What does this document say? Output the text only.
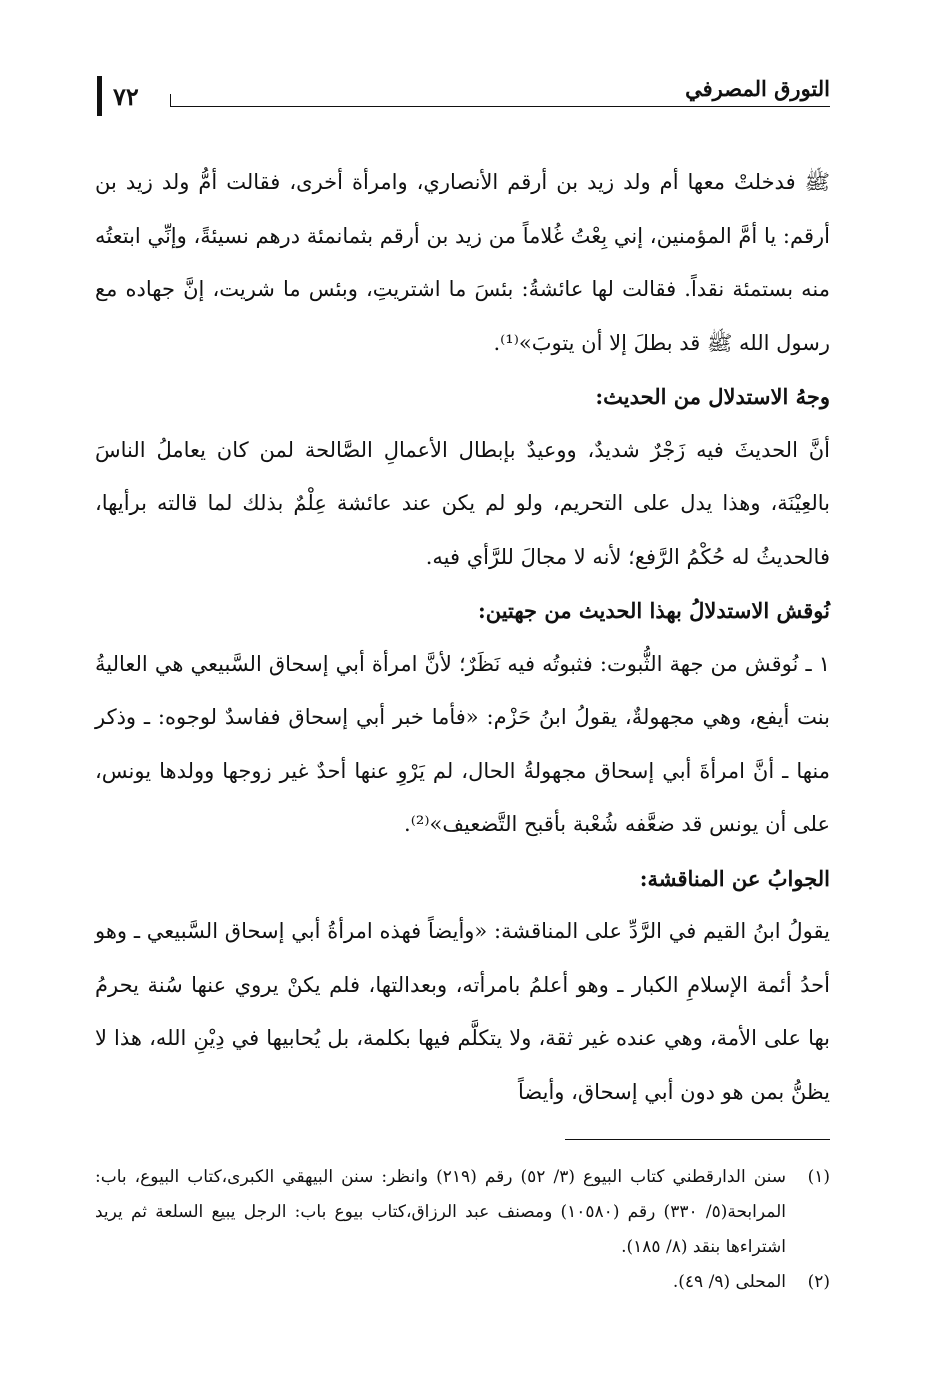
التورق المصرفي
٧٢

ﷺ فدخلتْ معها أم ولد زيد بن أرقم الأنصاري، وامرأة أخرى، فقالت أمُّ ولد زيد بن أرقم: يا أمَّ المؤمنين، إني بِعْتُ غُلاماً من زيد بن أرقم بثمانمئة درهم نسيئةً، وإنِّي ابتعتُه منه بستمئة نقداً. فقالت لها عائشةُ: بئسَ ما اشتريتِ، وبئس ما شريت، إنَّ جهاده مع رسول الله ﷺ قد بطلَ إلا أن يتوبَ»⁽¹⁾.

وجهُ الاستدلال من الحديث:

أنَّ الحديثَ فيه زَجْرٌ شديدٌ، ووعيدٌ بإبطال الأعمالِ الصَّالحة لمن كان يعاملُ الناسَ بالعِيْنَة، وهذا يدل على التحريم، ولو لم يكن عند عائشة عِلْمٌ بذلك لما قالته برأيها، فالحديثُ له حُكْمُ الرَّفع؛ لأنه لا مجالَ للرَّأي فيه.

نُوقش الاستدلالُ بهذا الحديث من جهتين:

١ ـ نُوقش من جهة الثُّبوت: فثبوتُه فيه نَظَرٌ؛ لأنَّ امرأة أبي إسحاق السَّبيعي هي العاليةُ بنت أيفع، وهي مجهولةٌ، يقولُ ابنُ حَزْم: «فأما خبر أبي إسحاق ففاسدٌ لوجوه: ـ وذكر منها ـ أنَّ امرأةَ أبي إسحاق مجهولةُ الحال، لم يَرْوِ عنها أحدٌ غير زوجها وولدها يونس، على أن يونس قد ضعَّفه شُعْبة بأقبح التَّضعيف»⁽²⁾.

الجوابُ عن المناقشة:

يقولُ ابنُ القيم في الرَّدِّ على المناقشة: «وأيضاً فهذه امرأةُ أبي إسحاق السَّبيعي ـ وهو أحدُ أئمة الإسلامِ الكبار ـ وهو أعلمُ بامرأته، وبعدالتها، فلم يكنْ يروي عنها سُنة يحرمُ بها على الأمة، وهي عنده غير ثقة، ولا يتكلَّم فيها بكلمة، بل يُحابيها في دِيْنِ الله، هذا لا يظنُّ بمن هو دون أبي إسحاق، وأيضاً

(١)
سنن الدارقطني كتاب البيوع (٣/ ٥٢) رقم (٢١٩) وانظر: سنن البيهقي الكبرى،كتاب البيوع، باب: المرابحة(٥/ ٣٣٠) رقم (١٠٥٨٠) ومصنف عبد الرزاق،كتاب بيوع باب: الرجل يبيع السلعة ثم يريد اشتراءها بنقد (٨/ ١٨٥).
(٢)
المحلى (٩/ ٤٩).
